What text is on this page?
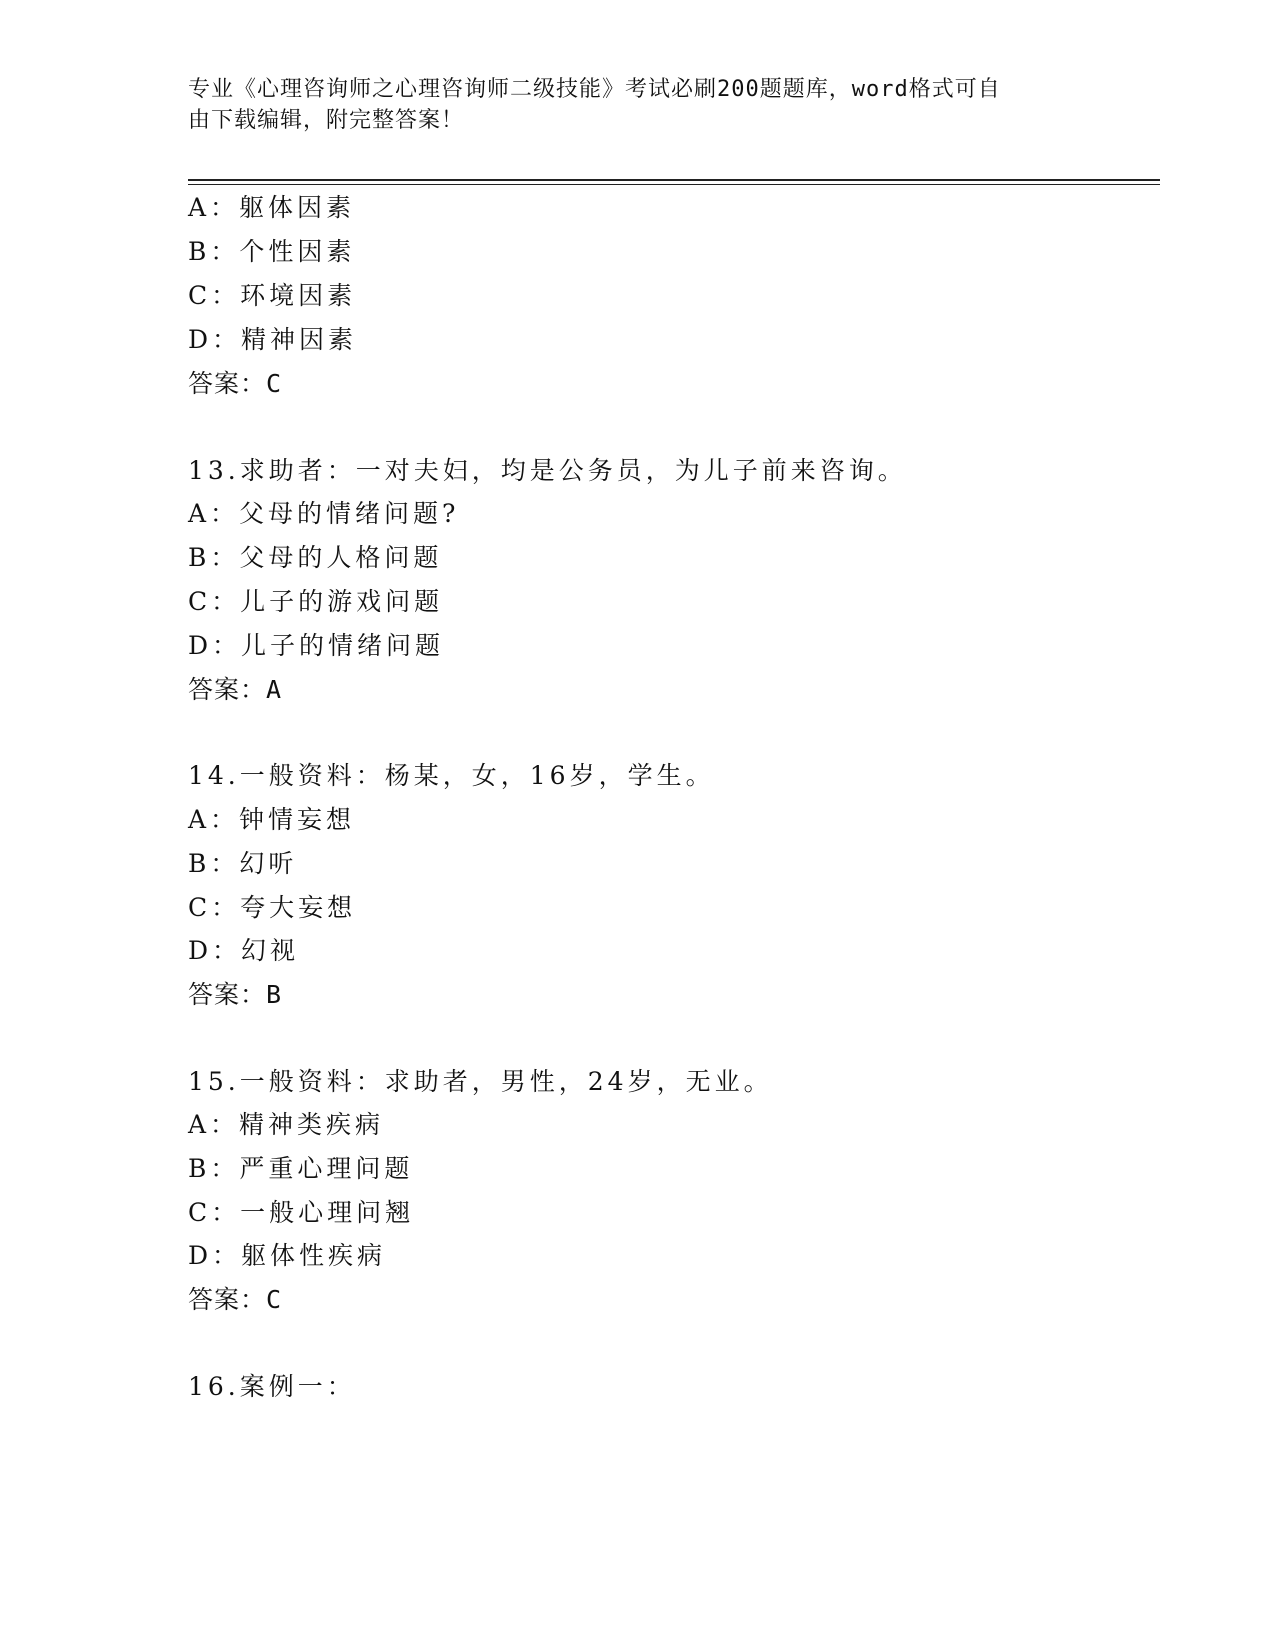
专业《心理咨询师之心理咨询师二级技能》考试必刷200题题库，word格式可自
由下载编辑，附完整答案！
A：躯体因素
B：个性因素
C：环境因素
D：精神因素
答案：C
13.求助者：一对夫妇，均是公务员，为儿子前来咨询。
A：父母的情绪问题?
B：父母的人格问题
C：儿子的游戏问题
D：儿子的情绪问题
答案：A
14.一般资料：杨某，女，16岁，学生。
A：钟情妄想
B：幻听
C：夸大妄想
D：幻视
答案：B
15.一般资料：求助者，男性，24岁，无业。
A：精神类疾病
B：严重心理问题
C：一般心理问翘
D：躯体性疾病
答案：C
16.案例一：
